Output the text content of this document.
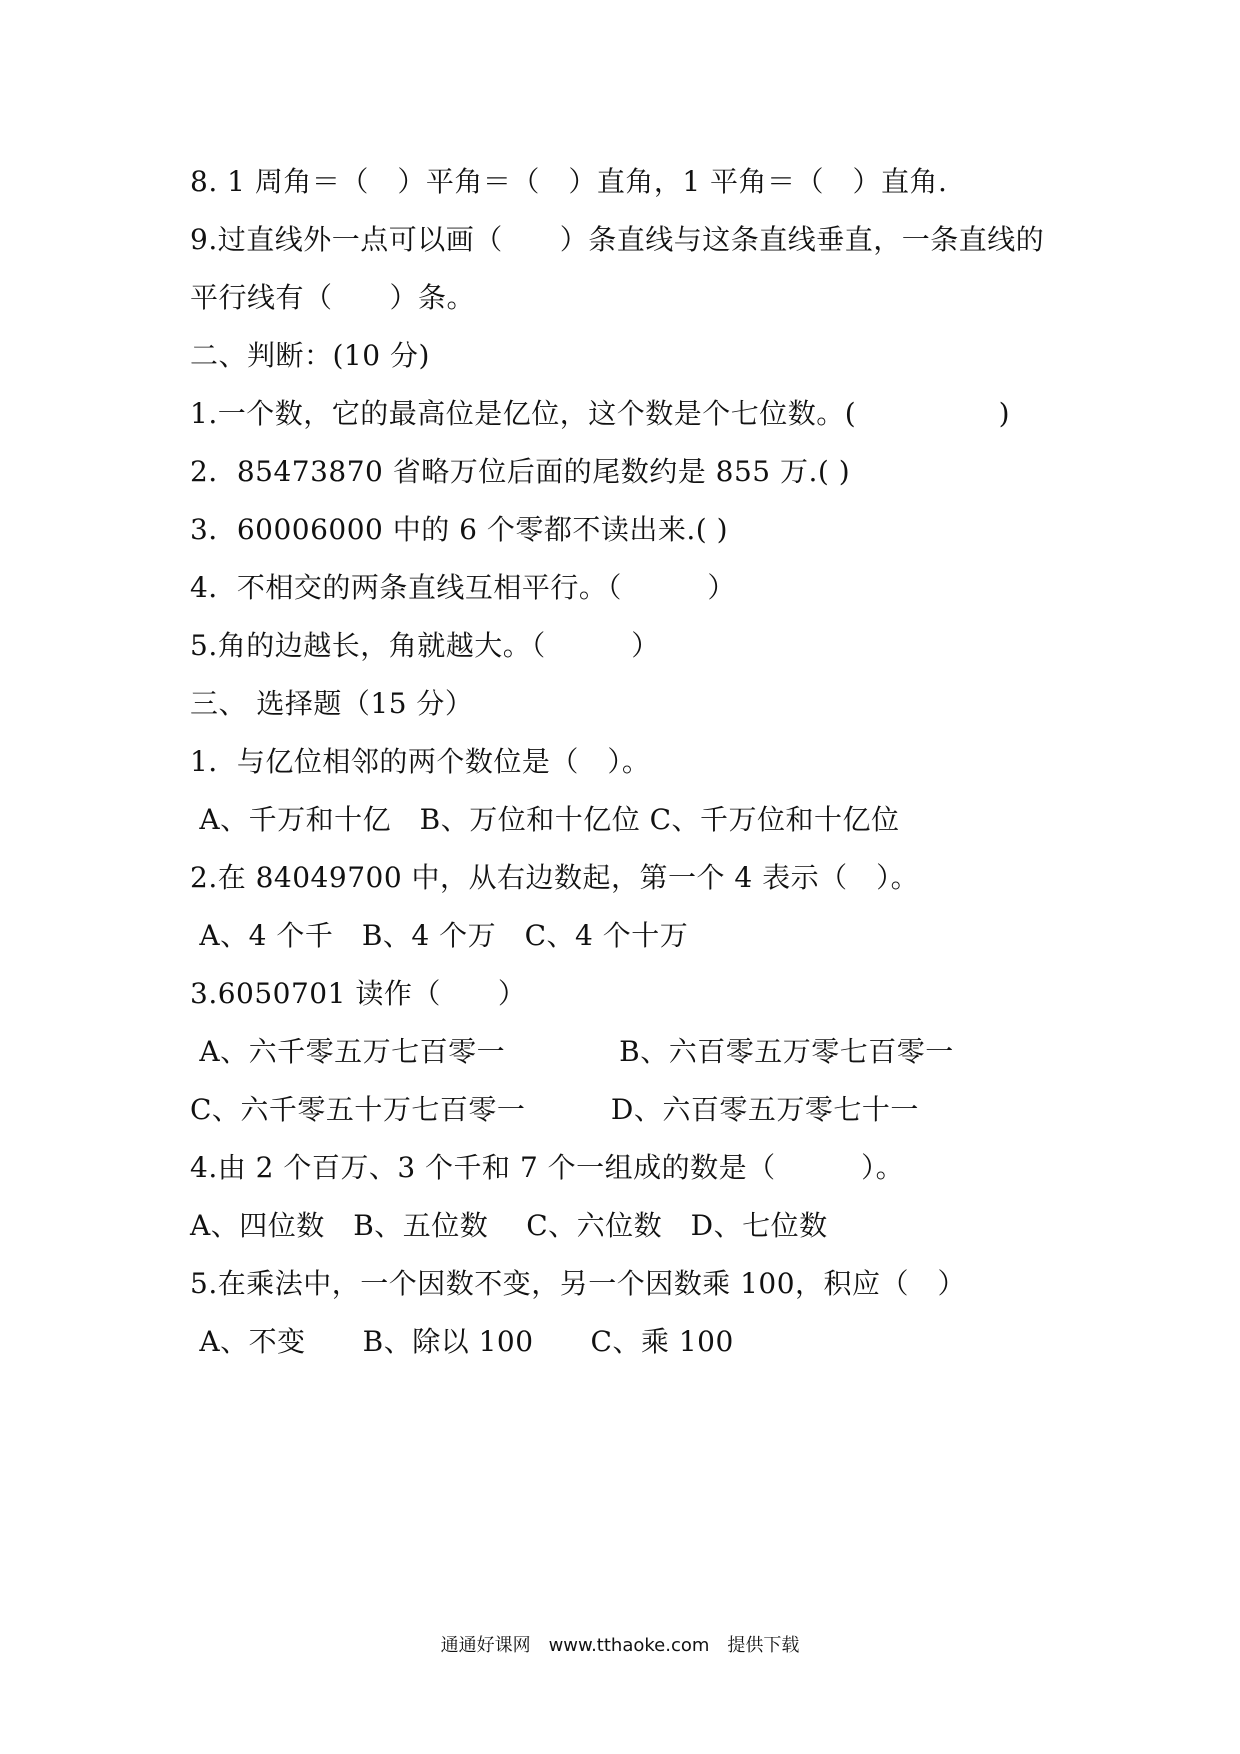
8. 1 周角＝（　）平角＝（　）直角，1 平角＝（　）直角.
9.过直线外一点可以画（　　）条直线与这条直线垂直，一条直线的
平行线有（　　）条。
二、判断：(10 分)
1.一个数，它的最高位是亿位，这个数是个七位数。(　　　　　)
2．85473870 省略万位后面的尾数约是 855 万.( )
3．60006000 中的 6 个零都不读出来.( )
4．不相交的两条直线互相平行。（　　　）
5.角的边越长，角就越大。（　　　）
三、 选择题（15 分）
1．与亿位相邻的两个数位是（　）。
A、千万和十亿　B、万位和十亿位 C、千万位和十亿位
2.在 84049700 中，从右边数起，第一个 4 表示（　）。
A、4 个千　B、4 个万　C、4 个十万
3.6050701 读作（　　）
A、六千零五万七百零一　　　　B、六百零五万零七百零一
C、六千零五十万七百零一　　　D、六百零五万零七十一
4.由 2 个百万、3 个千和 7 个一组成的数是（　　　）。
A、四位数　B、五位数　 C、六位数　D、七位数
5.在乘法中，一个因数不变，另一个因数乘 100，积应（　）
A、不变　　B、除以 100　　C、乘 100
通通好课网　www.tthaoke.com　提供下载
